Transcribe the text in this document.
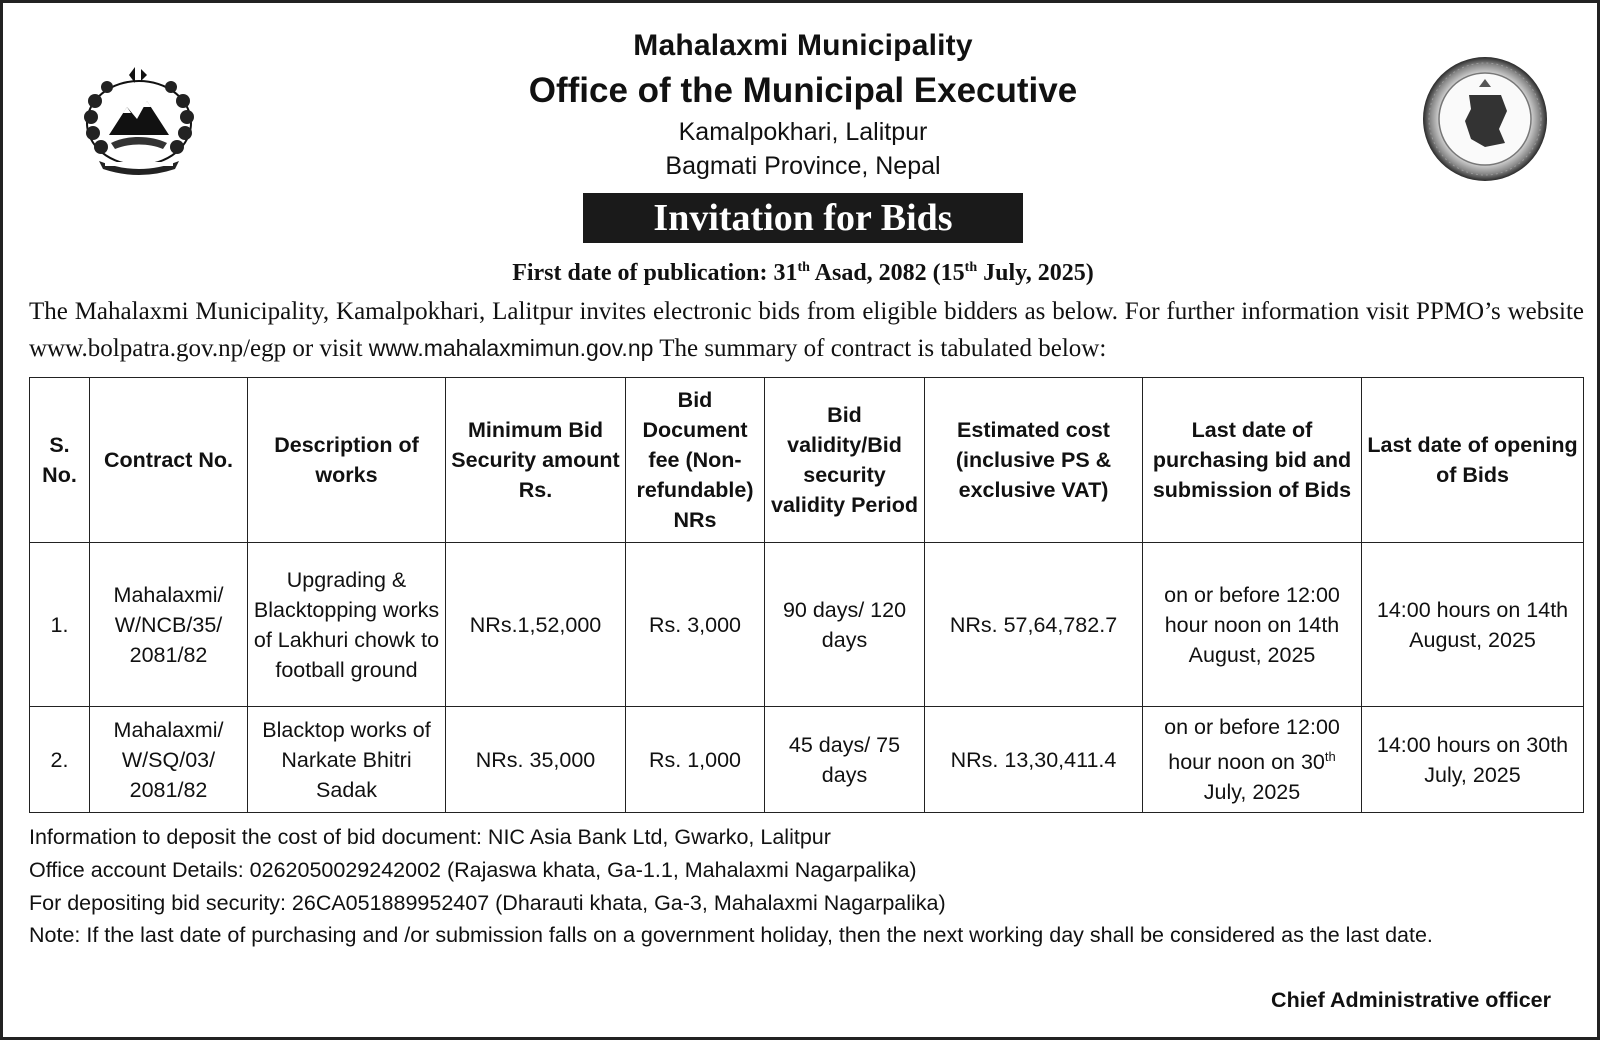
Mahalaxmi Municipality
Office of the Municipal Executive
Kamalpokhari, Lalitpur
Bagmati Province, Nepal
Invitation for Bids
First date of publication: 31th Asad, 2082 (15th July, 2025)
The Mahalaxmi Municipality, Kamalpokhari, Lalitpur invites electronic bids from eligible bidders as below. For further information visit PPMO’s website www.bolpatra.gov.np/egp or visit www.mahalaxmimun.gov.np The summary of contract is tabulated below:
S. No.	Contract No.	Description of works	Minimum Bid Security amount Rs.	Bid Document fee (Non-refundable) NRs	Bid validity/Bid security validity Period	Estimated cost (inclusive PS & exclusive VAT)	Last date of purchasing bid and submission of Bids	Last date of opening of Bids
1.	Mahalaxmi/ W/NCB/35/ 2081/82	Upgrading & Blacktopping works of Lakhuri chowk to football ground	NRs.1,52,000	Rs. 3,000	90 days/ 120 days	NRs. 57,64,782.7	on or before 12:00 hour noon on 14th August, 2025	14:00 hours on 14th August, 2025
2.	Mahalaxmi/ W/SQ/03/ 2081/82	Blacktop works of Narkate Bhitri Sadak	NRs. 35,000	Rs. 1,000	45 days/ 75 days	NRs. 13,30,411.4	on or before 12:00 hour noon on 30th July, 2025	14:00 hours on 30th July, 2025
Information to deposit the cost of bid document: NIC Asia Bank Ltd, Gwarko, Lalitpur
Office account Details: 0262050029242002 (Rajaswa khata, Ga-1.1, Mahalaxmi Nagarpalika)
For depositing bid security: 26CA051889952407 (Dharauti khata, Ga-3, Mahalaxmi Nagarpalika)
Note: If the last date of purchasing and /or submission falls on a government holiday, then the next working day shall be considered as the last date.
Chief Administrative officer
